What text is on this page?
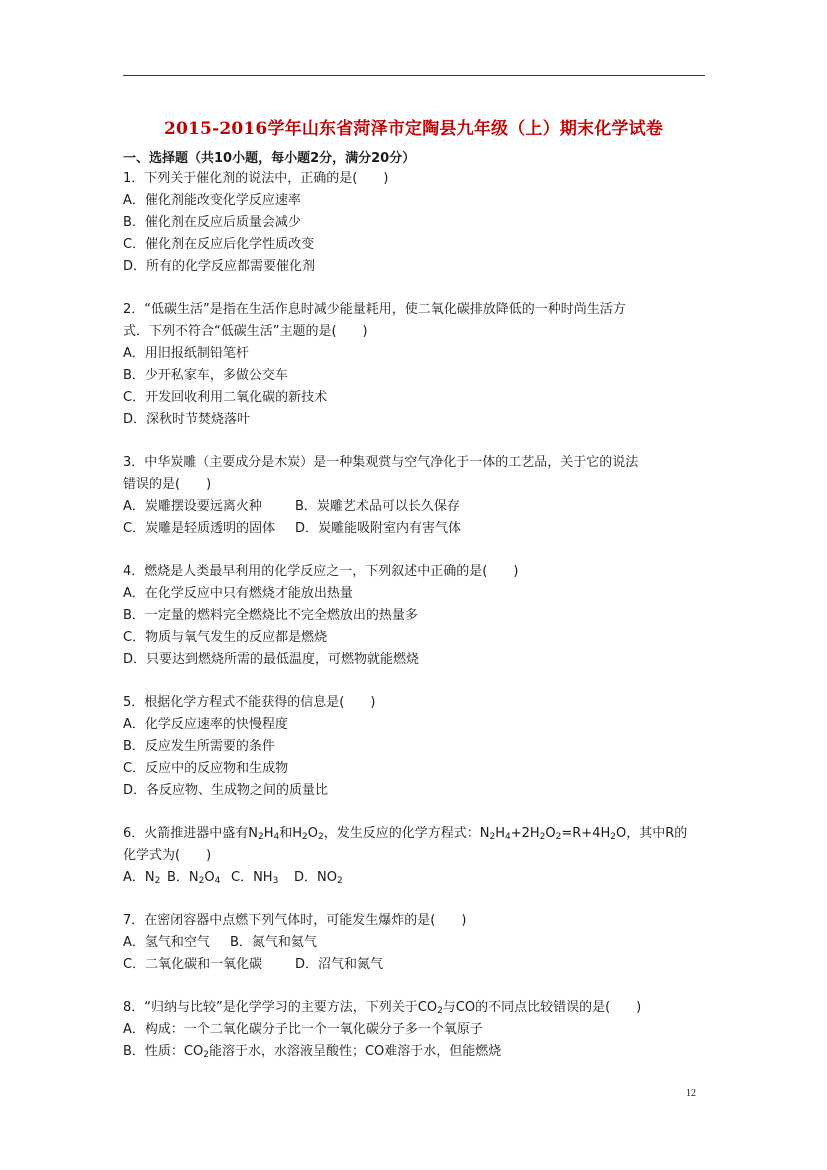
2015-2016学年山东省菏泽市定陶县九年级（上）期末化学试卷
一、选择题（共10小题，每小题2分，满分20分）
1．下列关于催化剂的说法中，正确的是(　　)
A．催化剂能改变化学反应速率
B．催化剂在反应后质量会减少
C．催化剂在反应后化学性质改变
D．所有的化学反应都需要催化剂
2．“低碳生活”是指在生活作息时减少能量耗用，使二氧化碳排放降低的一种时尚生活方
式．下列不符合“低碳生活”主题的是(　　)
A．用旧报纸制铅笔杆
B．少开私家车，多做公交车
C．开发回收利用二氧化碳的新技术
D．深秋时节焚烧落叶
3．中华炭雕（主要成分是木炭）是一种集观赏与空气净化于一体的工艺品，关于它的说法
错误的是(　　)
A．炭雕摆设要远离火种	B．炭雕艺术品可以长久保存
C．炭雕是轻质透明的固体 D．炭雕能吸附室内有害气体
4．燃烧是人类最早利用的化学反应之一，下列叙述中正确的是(　　)
A．在化学反应中只有燃烧才能放出热量
B．一定量的燃料完全燃烧比不完全燃放出的热量多
C．物质与氧气发生的反应都是燃烧
D．只要达到燃烧所需的最低温度，可燃物就能燃烧
5．根据化学方程式不能获得的信息是(　　)
A．化学反应速率的快慢程度
B．反应发生所需要的条件
C．反应中的反应物和生成物
D．各反应物、生成物之间的质量比
6．火箭推进器中盛有$N_2H_4$和$H_2O_2$，发生反应的化学方程式：$N_2H_4+2H_2O_2=R+4H_2O$，其中R的
化学式为(　　)
A．$N_2$ B．$N_2O_4$ C．$NH_3$ D．$NO_2$
7．在密闭容器中点燃下列气体时，可能发生爆炸的是(　　)
A．氢气和空气 B．氮气和氦气
C．二氧化碳和一氧化碳	D．沼气和氮气
8．“归纳与比较”是化学学习的主要方法，下列关于$CO_2$与CO的不同点比较错误的是(　　)
A．构成：一个二氧化碳分子比一个一氧化碳分子多一个氧原子
B．性质：$CO_2$能溶于水，水溶液呈酸性；CO难溶于水，但能燃烧
12
